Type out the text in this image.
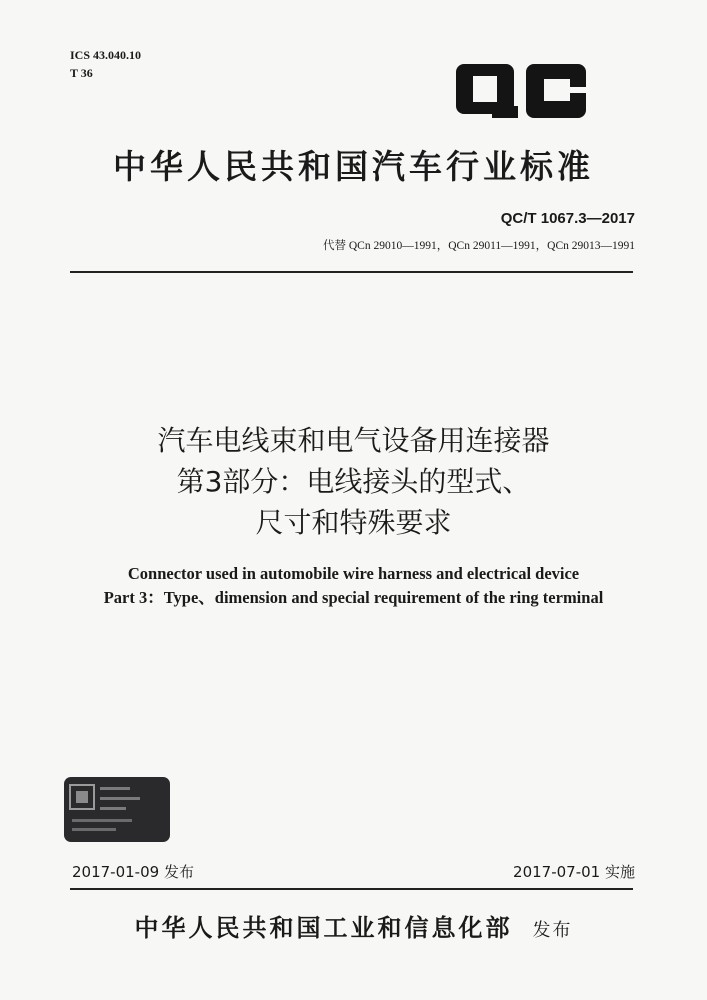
ICS 43.040.10
T 36
中华人民共和国汽车行业标准
QC/T 1067.3—2017
代替 QCn 29010—1991，QCn 29011—1991，QCn 29013—1991
汽车电线束和电气设备用连接器
第3部分：电线接头的型式、
尺寸和特殊要求
Connector used in automobile wire harness and electrical device
Part 3：Type、dimension and special requirement of the ring terminal
2017-01-09 发布	2017-07-01 实施
中华人民共和国工业和信息化部 发布
